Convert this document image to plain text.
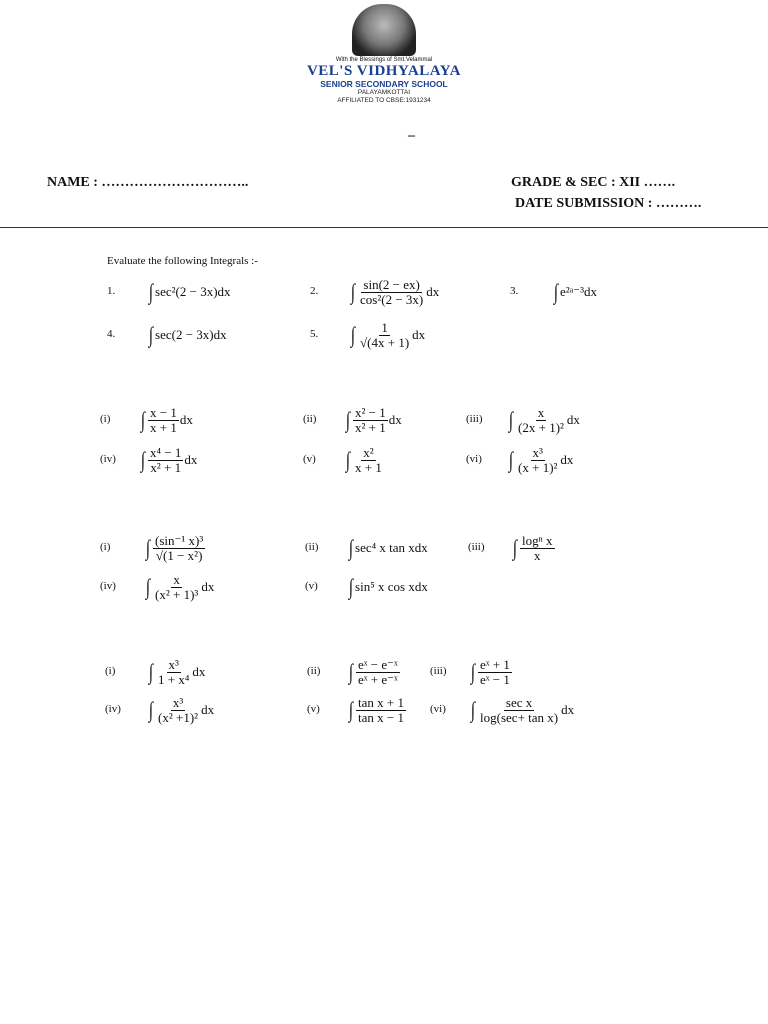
With the Blessings of Smt.Velammal
VEL'S VIDHYALAYA
SENIOR SECONDARY SCHOOL
PALAYAMKOTTAI
AFFILIATED TO CBSE:1931234
–
NAME : …………………………..	GRADE & SEC : XII …….
DATE SUBMISSION : ……….
Evaluate the following Integrals :-
1. ∫ sec²(2 − 3x)dx	2. ∫ $\frac{\sin(2 - ex)}{\text{cos²(2 − 3x)}}$ dx	3. ∫ e²ᵃ⁻³dx
4. ∫ sec(2 − 3x)dx	5. ∫ $\frac{1}{√(4x + 1)}$ dx
(i) ∫ $\frac{x - 1}{x + 1}$ dx	(ii) ∫ $\frac{\text{x² − 1}}{\text{x² + 1}}$ dx	(iii) ∫ $\frac{x}{\text{(2x + 1)²}}$ dx
(iv) ∫ $\frac{\text{x⁴ − 1}}{\text{x² + 1}}$ dx	(v) ∫ $\frac{\text{x²}}{x + 1}$	(vi) ∫ $\frac{\text{x³}}{\text{(x + 1)²}}$ dx
(i) ∫ $\frac{\text{(sin⁻¹ x)³}}{\text{√(1 − x²)}}$	(ii) ∫ sec⁴ x tan xdx	(iii) ∫ $\frac{\text{logⁿ x}}{x}$
(iv) ∫ $\frac{x}{\text{(x² + 1)³}}$ dx	(v) ∫ sin⁵ x cos xdx
(i) ∫ $\frac{\text{x³}}{\text{1 + x⁴}}$ dx	(ii) ∫ $\frac{\text{eˣ − e⁻ˣ}}{\text{eˣ + e⁻ˣ}}$	(iii) ∫ $\frac{\text{eˣ + 1}}{\text{eˣ − 1}}$
(iv) ∫ $\frac{\text{x³}}{\text{(x² +1)²}}$ dx	(v) ∫ $\frac{\text{tan x + 1}}{\text{tan x − 1}} (vi)$ ∫ $\frac{\text{sec x}}{\text{log(sec+ tan x)}}$ dx
